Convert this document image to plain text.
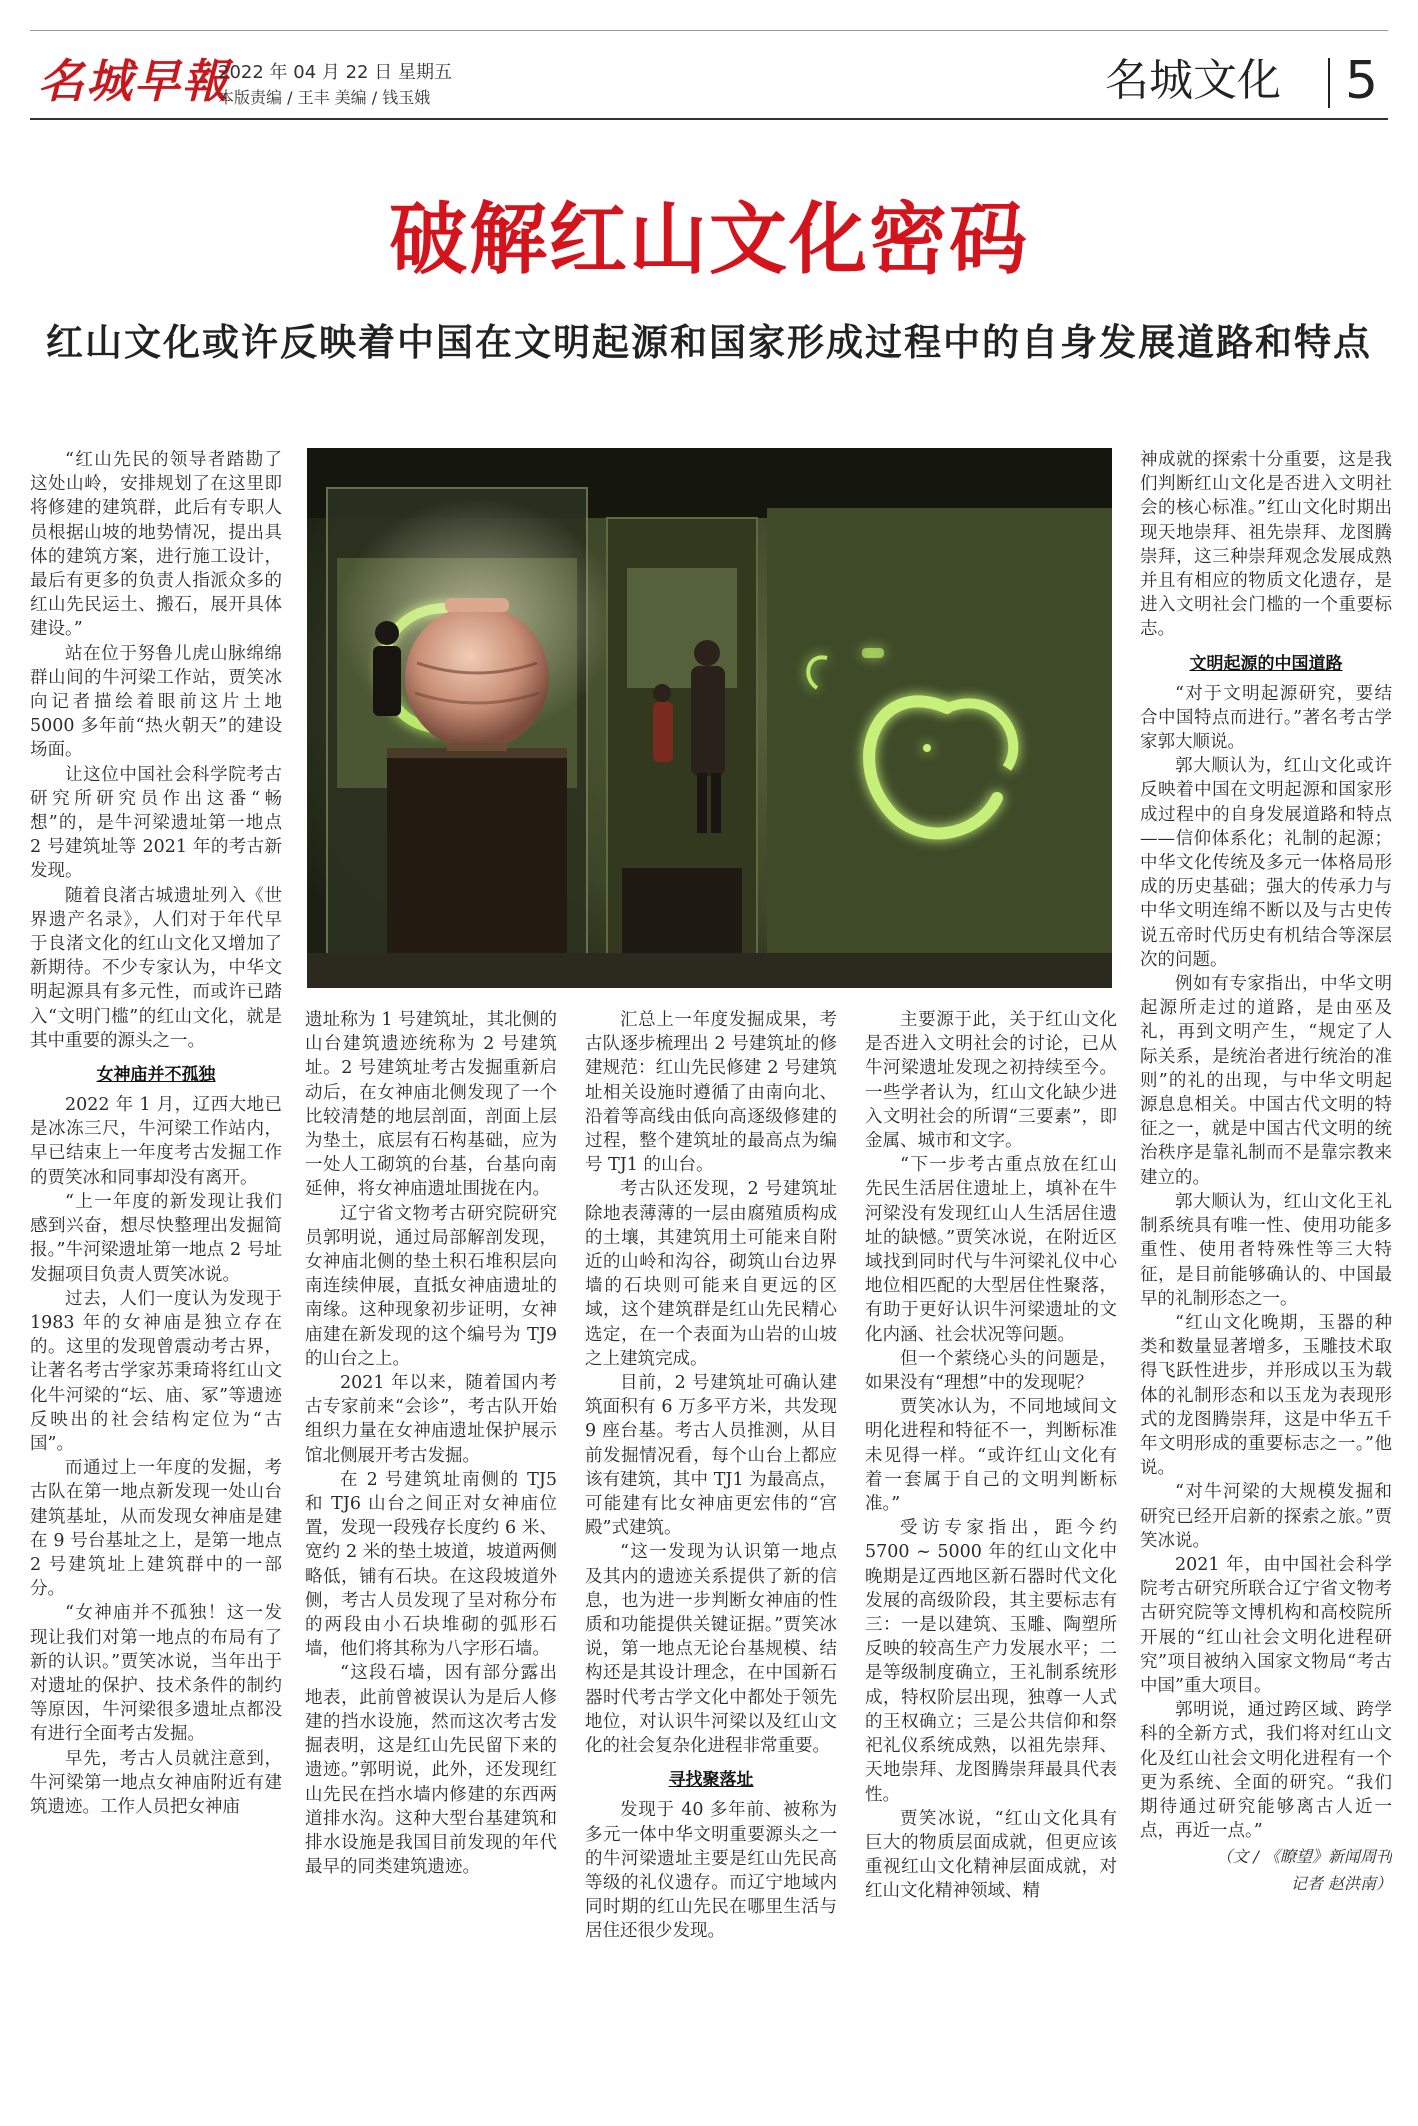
名城早報
2022 年 04 月 22 日 星期五
本版责编 / 王丰 美编 / 钱玉娥	名城文化 5
破解红山文化密码
红山文化或许反映着中国在文明起源和国家形成过程中的自身发展道路和特点

“红山先民的领导者踏勘了这处山岭，安排规划了在这里即将修建的建筑群，此后有专职人员根据山坡的地势情况，提出具体的建筑方案，进行施工设计，最后有更多的负责人指派众多的红山先民运土、搬石，展开具体建设。”

站在位于努鲁儿虎山脉绵绵群山间的牛河梁工作站，贾笑冰向记者描绘着眼前这片土地 5000 多年前“热火朝天”的建设场面。

让这位中国社会科学院考古研究所研究员作出这番“畅想”的，是牛河梁遗址第一地点 2 号建筑址等 2021 年的考古新发现。

随着良渚古城遗址列入《世界遗产名录》，人们对于年代早于良渚文化的红山文化又增加了新期待。不少专家认为，中华文明起源具有多元性，而或许已踏入“文明门槛”的红山文化，就是其中重要的源头之一。

女神庙并不孤独

2022 年 1 月，辽西大地已是冰冻三尺，牛河梁工作站内，早已结束上一年度考古发掘工作的贾笑冰和同事却没有离开。

“上一年度的新发现让我们感到兴奋，想尽快整理出发掘简报。”牛河梁遗址第一地点 2 号址发掘项目负责人贾笑冰说。

过去，人们一度认为发现于 1983 年的女神庙是独立存在的。这里的发现曾震动考古界，让著名考古学家苏秉琦将红山文化牛河梁的“坛、庙、冢”等遗迹反映出的社会结构定位为“古国”。

而通过上一年度的发掘，考古队在第一地点新发现一处山台建筑基址，从而发现女神庙是建在 9 号台基址之上，是第一地点 2 号建筑址上建筑群中的一部分。

“女神庙并不孤独！这一发现让我们对第一地点的布局有了新的认识。”贾笑冰说，当年出于对遗址的保护、技术条件的制约等原因，牛河梁很多遗址点都没有进行全面考古发掘。

早先，考古人员就注意到，牛河梁第一地点女神庙附近有建筑遗迹。工作人员把女神庙

遗址称为 1 号建筑址，其北侧的山台建筑遗迹统称为 2 号建筑址。2 号建筑址考古发掘重新启动后，在女神庙北侧发现了一个比较清楚的地层剖面，剖面上层为垫土，底层有石构基础，应为一处人工砌筑的台基，台基向南延伸，将女神庙遗址围拢在内。

辽宁省文物考古研究院研究员郭明说，通过局部解剖发现，女神庙北侧的垫土积石堆积层向南连续伸展，直抵女神庙遗址的南缘。这种现象初步证明，女神庙建在新发现的这个编号为 TJ9 的山台之上。

2021 年以来，随着国内考古专家前来“会诊”，考古队开始组织力量在女神庙遗址保护展示馆北侧展开考古发掘。

在 2 号建筑址南侧的 TJ5 和 TJ6 山台之间正对女神庙位置，发现一段残存长度约 6 米、宽约 2 米的垫土坡道，坡道两侧略低，铺有石块。在这段坡道外侧，考古人员发现了呈对称分布的两段由小石块堆砌的弧形石墙，他们将其称为八字形石墙。

“这段石墙，因有部分露出地表，此前曾被误认为是后人修建的挡水设施，然而这次考古发掘表明，这是红山先民留下来的遗迹。”郭明说，此外，还发现红山先民在挡水墙内修建的东西两道排水沟。这种大型台基建筑和排水设施是我国目前发现的年代最早的同类建筑遗迹。

汇总上一年度发掘成果，考古队逐步梳理出 2 号建筑址的修建规范：红山先民修建 2 号建筑址相关设施时遵循了由南向北、沿着等高线由低向高逐级修建的过程，整个建筑址的最高点为编号 TJ1 的山台。

考古队还发现，2 号建筑址除地表薄薄的一层由腐殖质构成的土壤，其建筑用土可能来自附近的山岭和沟谷，砌筑山台边界墙的石块则可能来自更远的区域，这个建筑群是红山先民精心选定，在一个表面为山岩的山坡之上建筑完成。

目前，2 号建筑址可确认建筑面积有 6 万多平方米，共发现 9 座台基。考古人员推测，从目前发掘情况看，每个山台上都应该有建筑，其中 TJ1 为最高点，可能建有比女神庙更宏伟的“宫殿”式建筑。

“这一发现为认识第一地点及其内的遗迹关系提供了新的信息，也为进一步判断女神庙的性质和功能提供关键证据。”贾笑冰说，第一地点无论台基规模、结构还是其设计理念，在中国新石器时代考古学文化中都处于领先地位，对认识牛河梁以及红山文化的社会复杂化进程非常重要。

寻找聚落址

发现于 40 多年前、被称为多元一体中华文明重要源头之一的牛河梁遗址主要是红山先民高等级的礼仪遗存。而辽宁地域内同时期的红山先民在哪里生活与居住还很少发现。

主要源于此，关于红山文化是否进入文明社会的讨论，已从牛河梁遗址发现之初持续至今。一些学者认为，红山文化缺少进入文明社会的所谓“三要素”，即金属、城市和文字。

“下一步考古重点放在红山先民生活居住遗址上，填补在牛河梁没有发现红山人生活居住遗址的缺憾。”贾笑冰说，在附近区域找到同时代与牛河梁礼仪中心地位相匹配的大型居住性聚落，有助于更好认识牛河梁遗址的文化内涵、社会状况等问题。

但一个萦绕心头的问题是，如果没有“理想”中的发现呢？

贾笑冰认为，不同地域间文明化进程和特征不一，判断标准未见得一样。“或许红山文化有着一套属于自己的文明判断标准。”

受访专家指出，距今约 5700 ~ 5000 年的红山文化中晚期是辽西地区新石器时代文化发展的高级阶段，其主要标志有三：一是以建筑、玉雕、陶塑所反映的较高生产力发展水平；二是等级制度确立，王礼制系统形成，特权阶层出现，独尊一人式的王权确立；三是公共信仰和祭祀礼仪系统成熟，以祖先崇拜、天地崇拜、龙图腾崇拜最具代表性。

贾笑冰说，“红山文化具有巨大的物质层面成就，但更应该重视红山文化精神层面成就，对红山文化精神领域、精

神成就的探索十分重要，这是我们判断红山文化是否进入文明社会的核心标准。”红山文化时期出现天地崇拜、祖先崇拜、龙图腾崇拜，这三种崇拜观念发展成熟并且有相应的物质文化遗存，是进入文明社会门槛的一个重要标志。

文明起源的中国道路

“对于文明起源研究，要结合中国特点而进行。”著名考古学家郭大顺说。

郭大顺认为，红山文化或许反映着中国在文明起源和国家形成过程中的自身发展道路和特点——信仰体系化；礼制的起源；中华文化传统及多元一体格局形成的历史基础；强大的传承力与中华文明连绵不断以及与古史传说五帝时代历史有机结合等深层次的问题。

例如有专家指出，中华文明起源所走过的道路，是由巫及礼，再到文明产生，“规定了人际关系，是统治者进行统治的准则”的礼的出现，与中华文明起源息息相关。中国古代文明的特征之一，就是中国古代文明的统治秩序是靠礼制而不是靠宗教来建立的。

郭大顺认为，红山文化王礼制系统具有唯一性、使用功能多重性、使用者特殊性等三大特征，是目前能够确认的、中国最早的礼制形态之一。

“红山文化晚期，玉器的种类和数量显著增多，玉雕技术取得飞跃性进步，并形成以玉为载体的礼制形态和以玉龙为表现形式的龙图腾崇拜，这是中华五千年文明形成的重要标志之一。”他说。

“对牛河梁的大规模发掘和研究已经开启新的探索之旅。”贾笑冰说。

2021 年，由中国社会科学院考古研究所联合辽宁省文物考古研究院等文博机构和高校院所开展的“红山社会文明化进程研究”项目被纳入国家文物局“考古中国”重大项目。

郭明说，通过跨区域、跨学科的全新方式，我们将对红山文化及红山社会文明化进程有一个更为系统、全面的研究。“我们期待通过研究能够离古人近一点，再近一点。”

（文 / 《瞭望》新闻周刊

记者 赵洪南）
